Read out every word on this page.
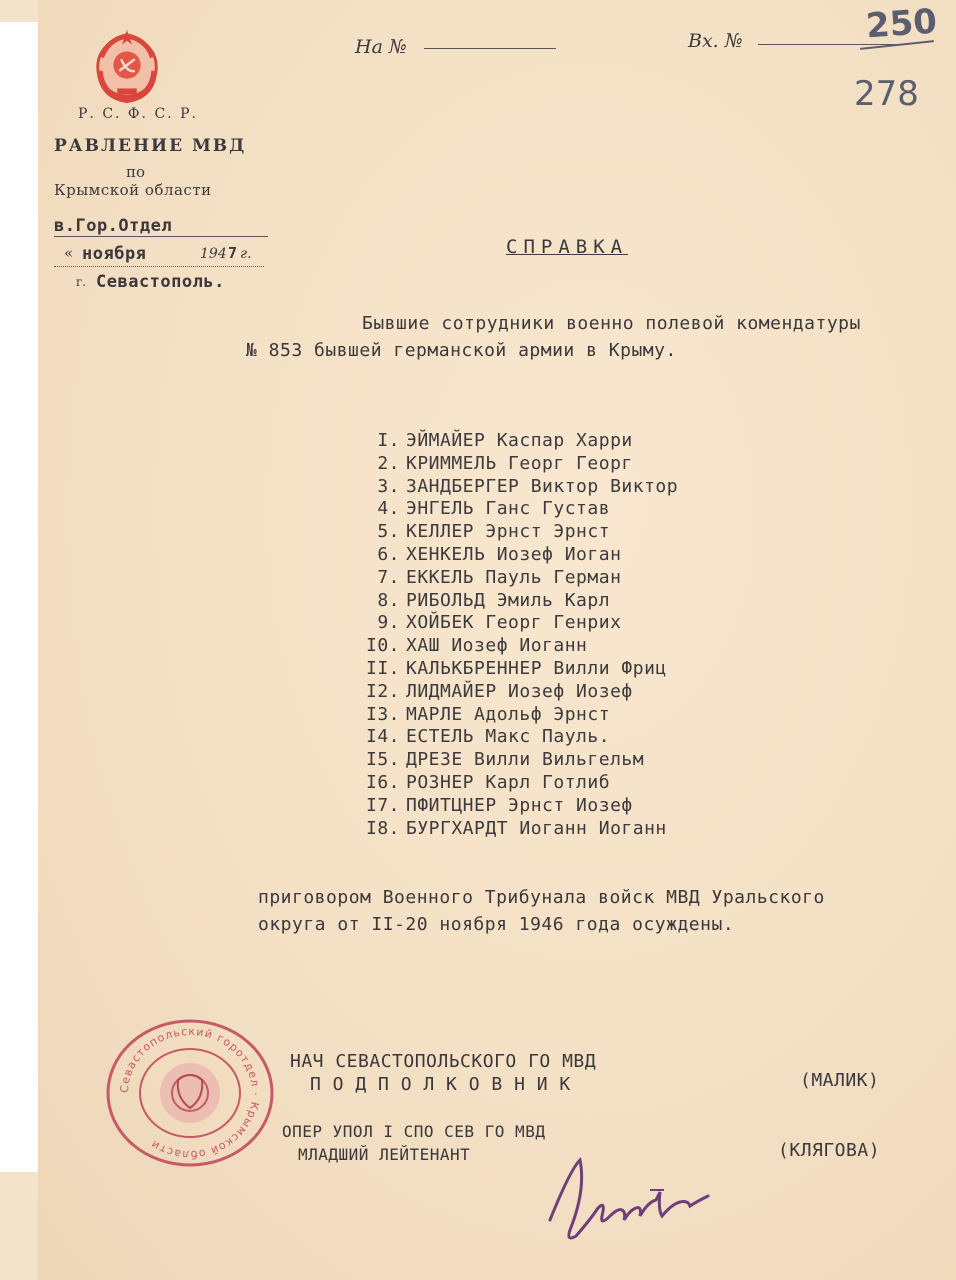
Р. С. Ф. С. Р.
РАВЛЕНИЕ МВД
по
Крымской области
в.Гор.Отдел
« ноября	194 7 г.
г. Севастополь.
На №	Вх. №	250
278
СПРАВКА
Бывшие сотрудники военно полевой комендатуры
№ 853 бывшей германской армии в Крыму.
I. ЭЙМАЙЕР Каспар Харри
2. КРИММЕЛЬ Георг Георг
3. ЗАНДБЕРГЕР Виктор Виктор
4. ЭНГЕЛЬ Ганс Густав
5. КЕЛЛЕР Эрнст Эрнст
6. ХЕНКЕЛЬ Иозеф Иоган
7. ЕККЕЛЬ Пауль Герман
8. РИБОЛЬД Эмиль Карл
9. ХОЙБЕК Георг Генрих
I0. ХАШ Иозеф Иоганн
II. КАЛЬКБРЕННЕР Вилли Фриц
I2. ЛИДМАЙЕР Иозеф Иозеф
I3. МАРЛЕ Адольф Эрнст
I4. ЕСТЕЛЬ Макс Пауль.
I5. ДРЕЗЕ Вилли Вильгельм
I6. РОЗНЕР Карл Готлиб
I7. ПФИТЦНЕР Эрнст Иозеф
I8. БУРГХАРДТ Иоганн Иоганн
приговором Военного Трибунала войск МВД Уральского
округа от II-20 ноября 1946 года осуждены.
НАЧ СЕВАСТОПОЛЬСКОГО ГО МВД
П О Д П О Л К О В Н И К	(МАЛИК)
ОПЕР УПОЛ I СПО СЕВ ГО МВД
МЛАДШИЙ ЛЕЙТЕНАНТ	(КЛЯГОВА)
Севастопольский горотдел · Крымской области
